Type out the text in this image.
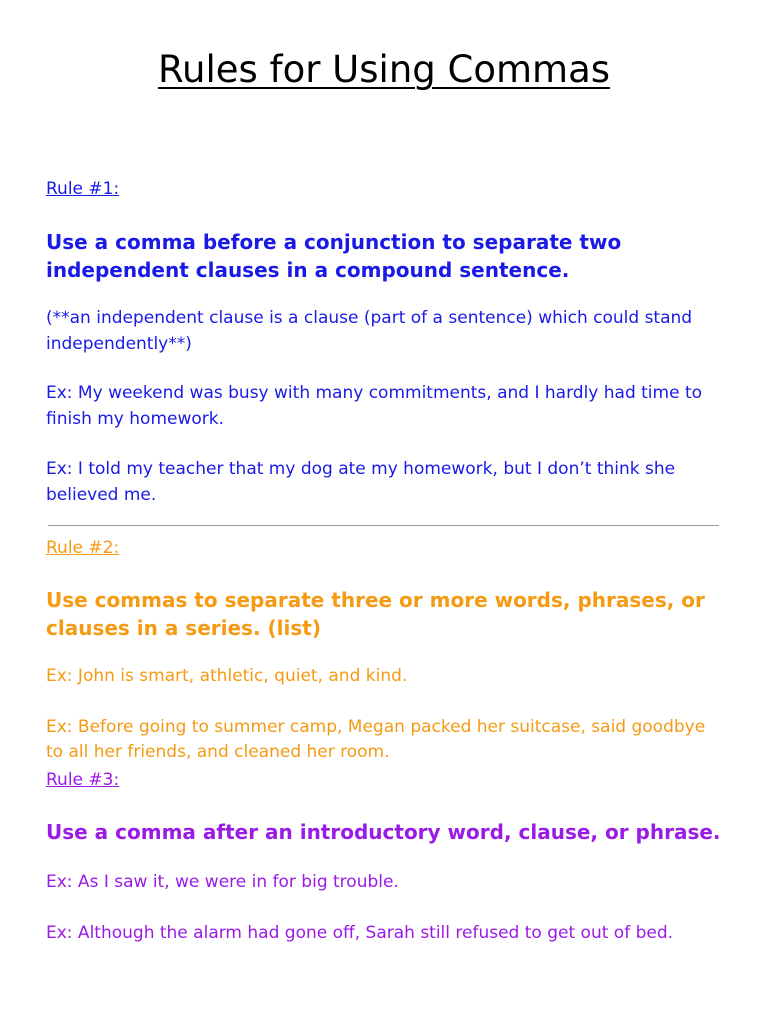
Rules for Using Commas
Rule #1:
Use a comma before a conjunction to separate two independent clauses in a compound sentence.
(**an independent clause is a clause (part of a sentence) which could stand independently**)
Ex: My weekend was busy with many commitments, and I hardly had time to finish my homework.
Ex: I told my teacher that my dog ate my homework, but I don’t think she believed me.
Rule #2:
Use commas to separate three or more words, phrases, or clauses in a series. (list)
Ex: John is smart, athletic, quiet, and kind.
Ex: Before going to summer camp, Megan packed her suitcase, said goodbye to all her friends, and cleaned her room.
Rule #3:
Use a comma after an introductory word, clause, or phrase.
Ex: As I saw it, we were in for big trouble.
Ex: Although the alarm had gone off, Sarah still refused to get out of bed.
